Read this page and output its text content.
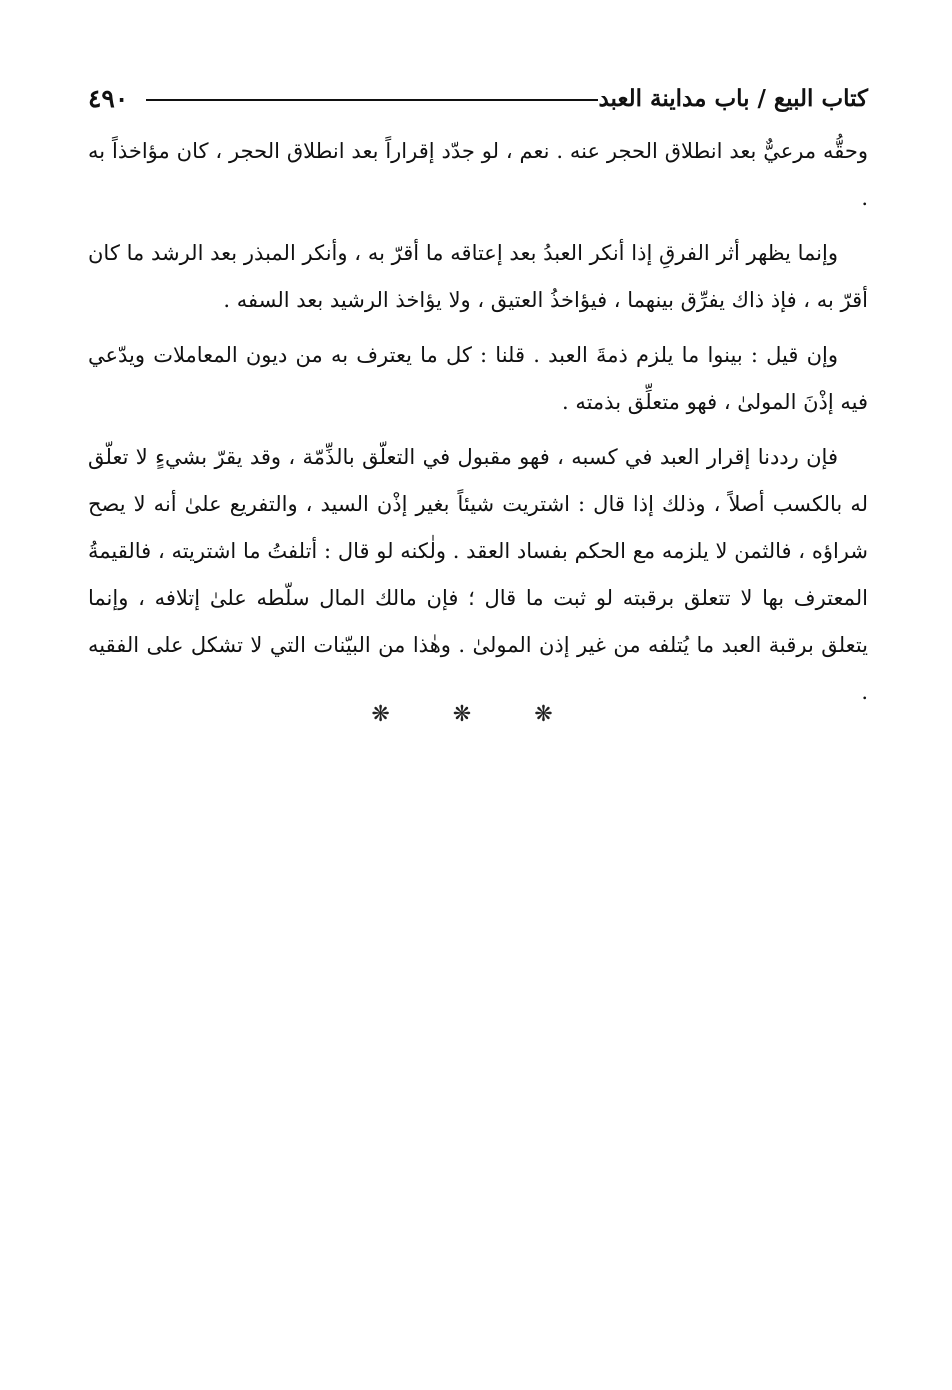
كتاب البيع / باب مداينة العبد
٤٩٠

وحقُّه مرعيٌّ بعد انطلاق الحجر عنه . نعم ، لو جدّد إقراراً بعد انطلاق الحجر ، كان مؤاخذاً به .

وإنما يظهر أثر الفرقِ إذا أنكر العبدُ بعد إعتاقه ما أقرّ به ، وأنكر المبذر بعد الرشد ما كان أقرّ به ، فإذ ذاك يفرِّق بينهما ، فيؤاخذُ العتيق ، ولا يؤاخذ الرشيد بعد السفه .

وإن قيل : بينوا ما يلزم ذمةَ العبد . قلنا : كل ما يعترف به من ديون المعاملات ويدّعي فيه إذْنَ المولىٰ ، فهو متعلِّق بذمته .

فإن رددنا إقرار العبد في كسبه ، فهو مقبول في التعلّق بالذِّمّة ، وقد يقرّ بشيءٍ لا تعلّق له بالكسب أصلاً ، وذلك إذا قال : اشتريت شيئاً بغير إذْن السيد ، والتفريع علىٰ أنه لا يصح شراؤه ، فالثمن لا يلزمه مع الحكم بفساد العقد . ولٰكنه لو قال : أتلفتُ ما اشتريته ، فالقيمةُ المعترف بها لا تتعلق برقبته لو ثبت ما قال ؛ فإن مالك المال سلّطه علىٰ إتلافه ، وإنما يتعلق برقبة العبد ما يُتلفه من غير إذن المولىٰ . وهٰذا من البيّنات التي لا تشكل على الفقيه .

❋ ❋ ❋
